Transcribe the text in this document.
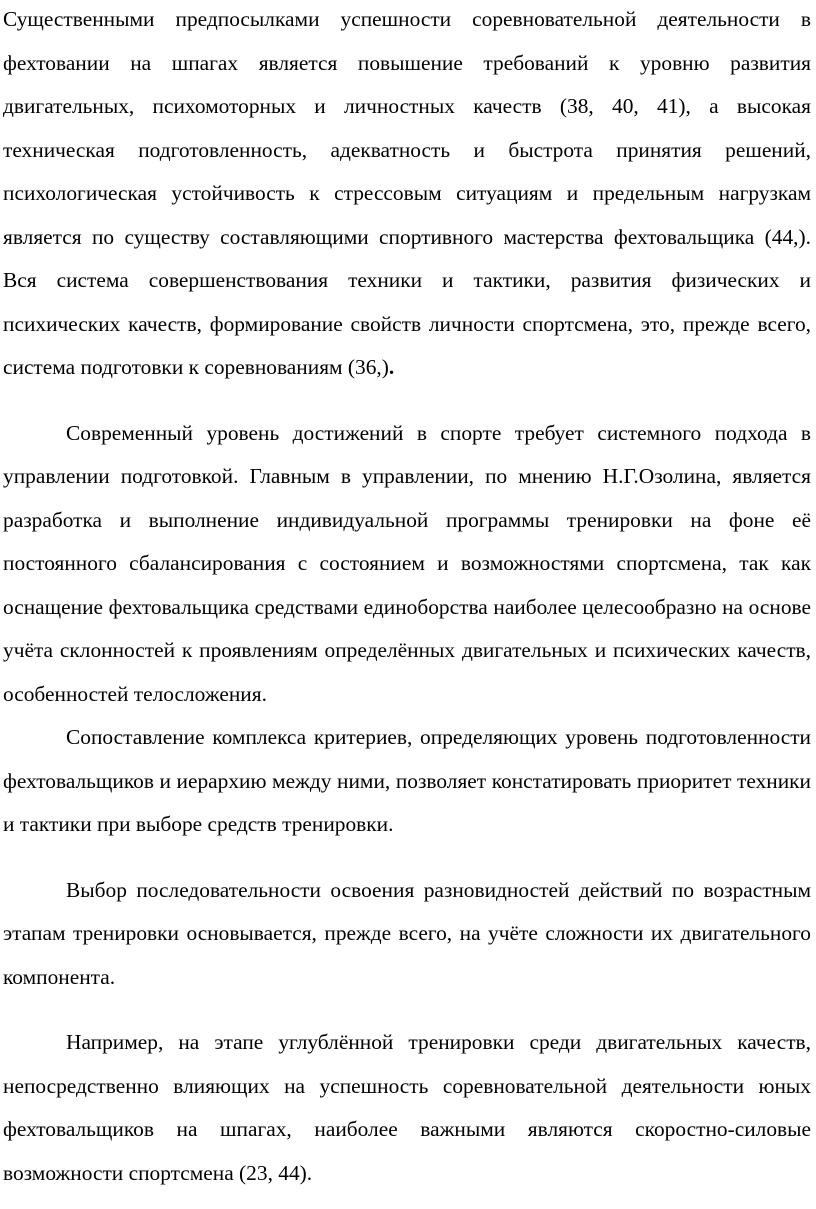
Существенными предпосылками успешности соревновательной деятельности в фехтовании на шпагах является повышение требований к уровню развития двигательных, психомоторных и личностных качеств (38, 40, 41), а высокая техническая подготовленность, адекватность и быстрота принятия решений, психологическая устойчивость к стрессовым ситуациям и предельным нагрузкам является по существу составляющими спортивного мастерства фехтовальщика (44,). Вся система совершенствования техники и тактики, развития физических и психических качеств, формирование свойств личности спортсмена, это, прежде всего, система подготовки к соревнованиям (36,).

Современный уровень достижений в спорте требует системного подхода в управлении подготовкой. Главным в управлении, по мнению Н.Г.Озолина, является разработка и выполнение индивидуальной программы тренировки на фоне её постоянного сбалансирования с состоянием и возможностями спортсмена, так как оснащение фехтовальщика средствами единоборства наиболее целесообразно на основе учёта склонностей к проявлениям определённых двигательных и психических качеств, особенностей телосложения.

Сопоставление комплекса критериев, определяющих уровень подготовленности фехтовальщиков и иерархию между ними, позволяет констатировать приоритет техники и тактики при выборе средств тренировки.

Выбор последовательности освоения разновидностей действий по возрастным этапам тренировки основывается, прежде всего, на учёте сложности их двигательного компонента.

Например, на этапе углублённой тренировки среди двигательных качеств, непосредственно влияющих на успешность соревновательной деятельности юных фехтовальщиков на шпагах, наиболее важными являются скоростно-силовые возможности спортсмена (23, 44).
